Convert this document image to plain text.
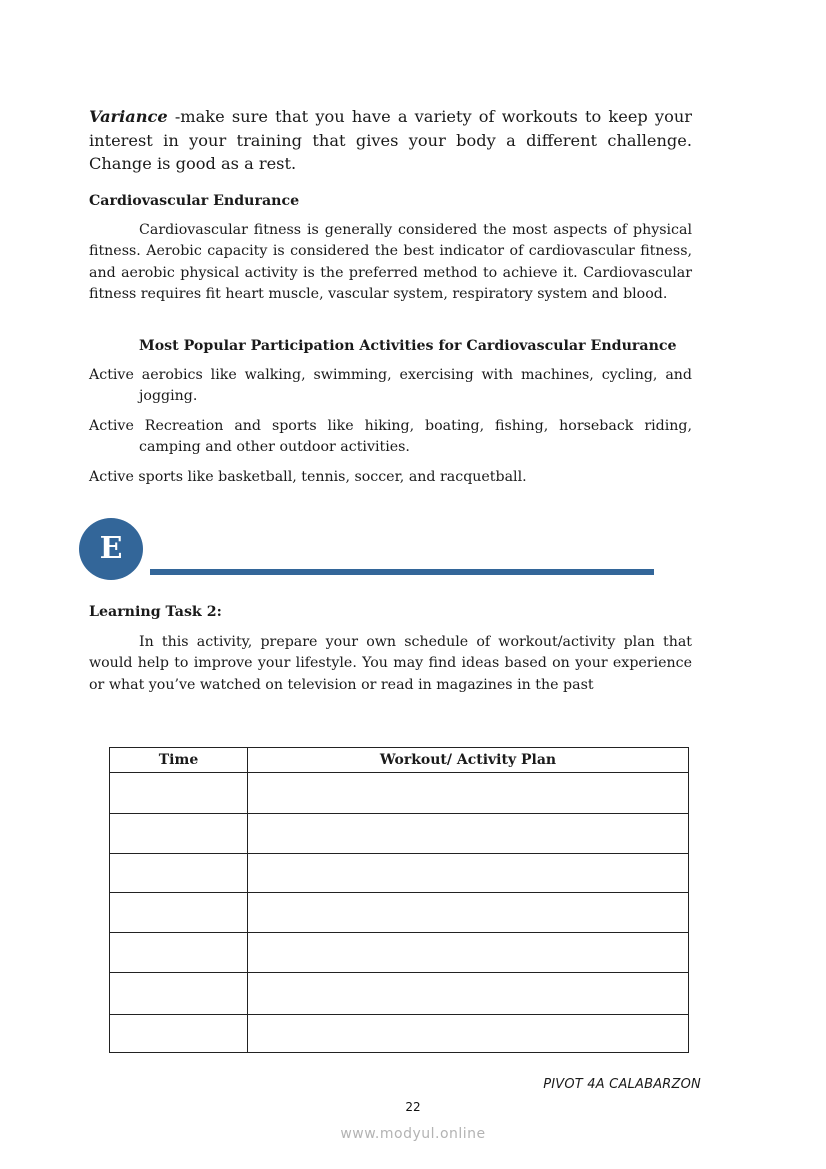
Variance -make sure that you have a variety of workouts to keep your interest in your training that gives your body a different challenge. Change is good as a rest.
Cardiovascular Endurance
Cardiovascular fitness is generally considered the most aspects of physical fitness. Aerobic capacity is considered the best indicator of cardiovascular fitness, and aerobic physical activity is the preferred method to achieve it. Cardiovascular fitness requires fit heart muscle, vascular system, respiratory system and blood.
Most Popular Participation Activities for Cardiovascular Endurance
Active aerobics like walking, swimming, exercising with machines, cycling, and jogging.
Active Recreation and sports like hiking, boating, fishing, horseback riding, camping and other outdoor activities.
Active sports like basketball, tennis, soccer, and racquetball.
E
Learning Task 2:
In this activity, prepare your own schedule of workout/activity plan that would help to improve your lifestyle. You may find ideas based on your experience or what you’ve watched on television or read in magazines in the past
Time	Workout/ Activity Plan

PIVOT 4A CALABARZON
22
www.modyul.online
